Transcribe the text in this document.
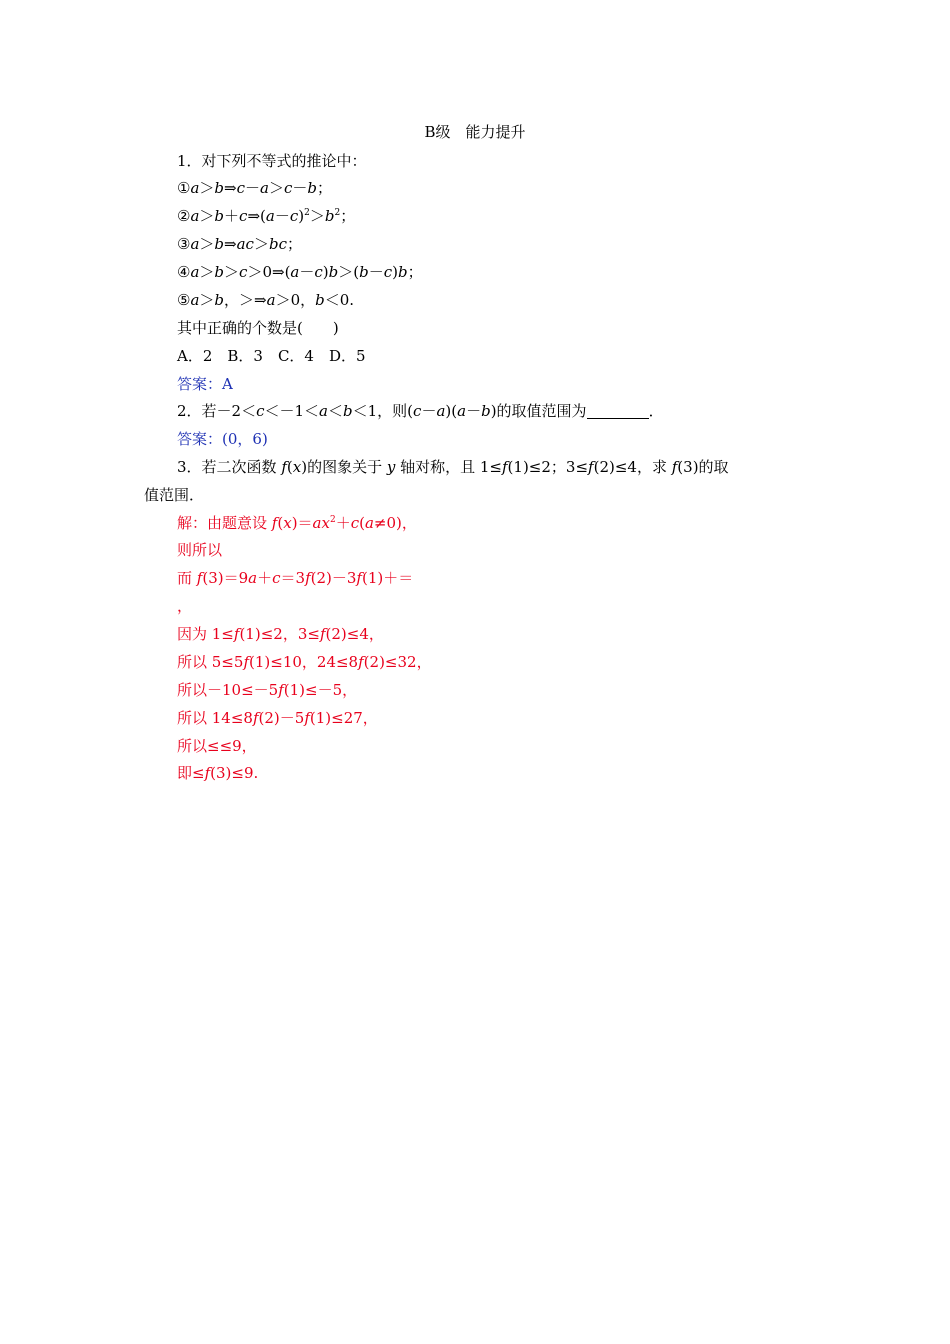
B级　能力提升
1．对下列不等式的推论中：
①a＞b⇒c－a＞c－b；
$②a>b+c\Rightarrow(a-c)^2>b^2$；
③a＞b⇒ac＞bc；
④a＞b＞c＞0⇒(a－c)b＞(b－c)b；
⑤a＞b，＞⇒a＞0，b＜0.
其中正确的个数是(　　)
A．2　B．3　C．4　D．5
答案：A
2．若－2＜c＜－1＜a＜b＜1，则(c－a)(a－b)的取值范围为	．
答案：(0，6)
3．若二次函数 f(x)的图象关于 y 轴对称，且 1≤f(1)≤2；3≤f(2)≤4，求 f(3)的取
值范围．
解：由题意设 $f(x)=ax^2+c(a\ne 0)$，
则所以
而 f(3)＝9a＋c＝3f(2)－3f(1)＋＝
，
因为 1≤f(1)≤2，3≤f(2)≤4，
所以 5≤5f(1)≤10，24≤8f(2)≤32，
所以－10≤－5f(1)≤－5，
所以 14≤8f(2)－5f(1)≤27，
所以≤≤9，
即≤f(3)≤9.
